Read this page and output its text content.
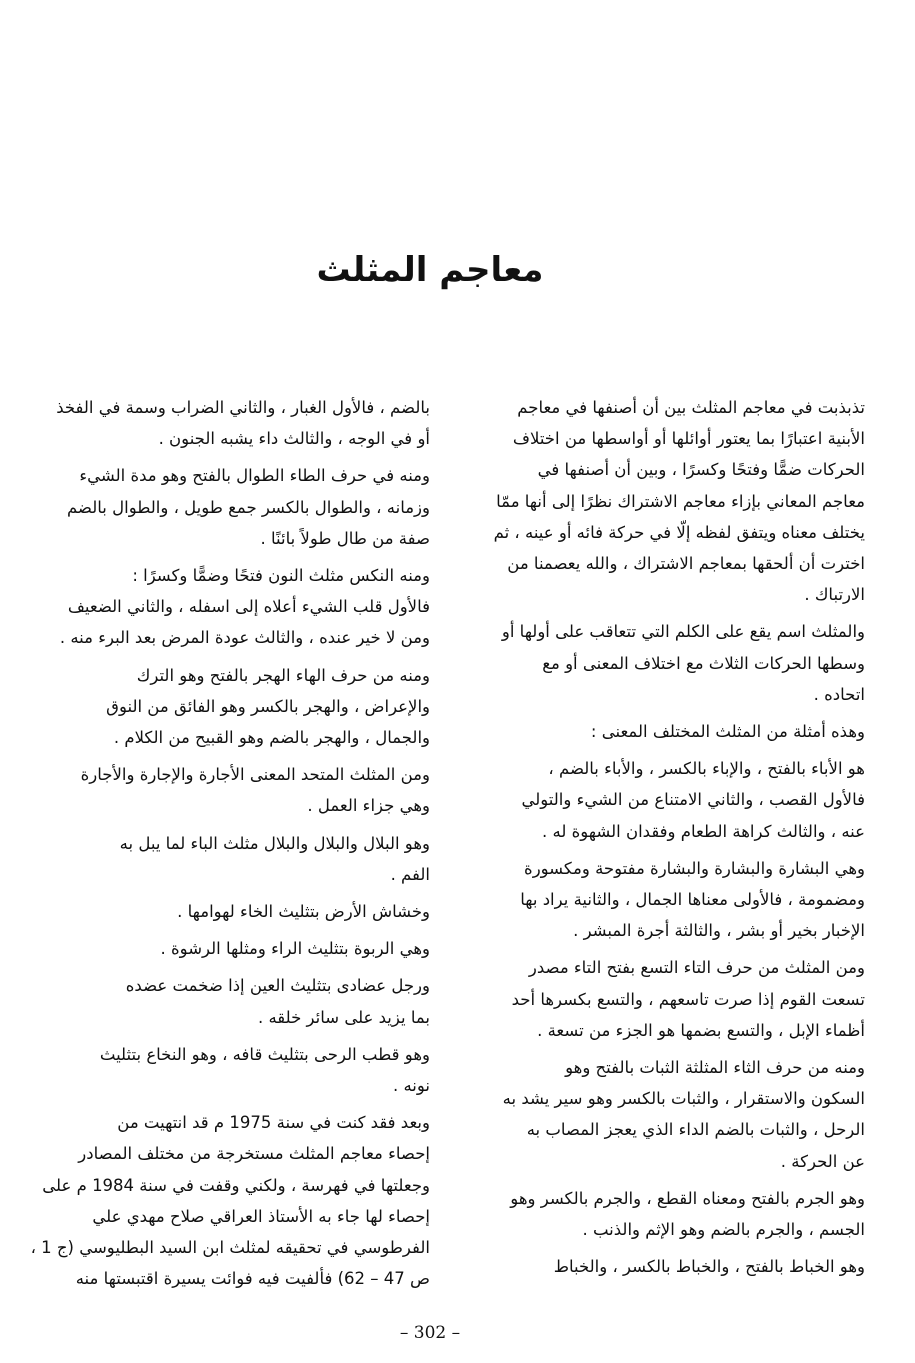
معاجم المثلث
تذبذبت في معاجم المثلث بين أن أصنفها في معاجم
الأبنية اعتبارًا بما يعتور أوائلها أو أواسطها من اختلاف
الحركات ضمًّا وفتحًا وكسرًا ، وبين أن أصنفها في
معاجم المعاني بإزاء معاجم الاشتراك نظرًا إلى أنها ممّا
يختلف معناه ويتفق لفظه إلّا في حركة فائه أو عينه ، ثم
اخترت أن ألحقها بمعاجم الاشتراك ، والله يعصمنا من
الارتباك .
والمثلث اسم يقع على الكلم التي تتعاقب على أولها أو
وسطها الحركات الثلاث مع اختلاف المعنى أو مع
اتحاده .
وهذه أمثلة من المثلث المختلف المعنى :
هو الأباء بالفتح ، والإباء بالكسر ، والأباء بالضم ،
فالأول القصب ، والثاني الامتناع من الشيء والتولي
عنه ، والثالث كراهة الطعام وفقدان الشهوة له .
وهي البشارة والبشارة والبشارة مفتوحة ومكسورة
ومضمومة ، فالأولى معناها الجمال ، والثانية يراد بها
الإخبار بخير أو بشر ، والثالثة أجرة المبشر .
ومن المثلث من حرف التاء التسع بفتح التاء مصدر
تسعت القوم إذا صرت تاسعهم ، والتسع بكسرها أحد
أظماء الإبل ، والتسع بضمها هو الجزء من تسعة .
ومنه من حرف الثاء المثلثة الثبات بالفتح وهو
السكون والاستقرار ، والثبات بالكسر وهو سير يشد به
الرحل ، والثبات بالضم الداء الذي يعجز المصاب به
عن الحركة .
وهو الجرم بالفتح ومعناه القطع ، والجرم بالكسر وهو
الجسم ، والجرم بالضم وهو الإثم والذنب .
وهو الخباط بالفتح ، والخباط بالكسر ، والخباط
بالضم ، فالأول الغبار ، والثاني الضراب وسمة في الفخذ
أو في الوجه ، والثالث داء يشبه الجنون .
ومنه في حرف الطاء الطوال بالفتح وهو مدة الشيء
وزمانه ، والطوال بالكسر جمع طويل ، والطوال بالضم
صفة من طال طولاً بائنًا .
ومنه النكس مثلث النون فتحًا وضمًّا وكسرًا :
فالأول قلب الشيء أعلاه إلى اسفله ، والثاني الضعيف
ومن لا خير عنده ، والثالث عودة المرض بعد البرء منه .
ومنه من حرف الهاء الهجر بالفتح وهو الترك
والإعراض ، والهجر بالكسر وهو الفائق من النوق
والجمال ، والهجر بالضم وهو القبيح من الكلام .
ومن المثلث المتحد المعنى الأجارة والإجارة والأجارة
وهي جزاء العمل .
وهو البلال والبلال والبلال مثلث الباء لما يبل به
الفم .
وخشاش الأرض بتثليث الخاء لهوامها .
وهي الربوة بتثليث الراء ومثلها الرشوة .
ورجل عضادى بتثليث العين إذا ضخمت عضده
بما يزيد على سائر خلقه .
وهو قطب الرحى بتثليث قافه ، وهو النخاع بتثليث
نونه .
وبعد فقد كنت في سنة 1975 م قد انتهيت من
إحصاء معاجم المثلث مستخرجة من مختلف المصادر
وجعلتها في فهرسة ، ولكني وقفت في سنة 1984 م على
إحصاء لها جاء به الأستاذ العراقي صلاح مهدي علي
الفرطوسي في تحقيقه لمثلث ابن السيد البطليوسي (ج 1 ،
ص 47 – 62) فألفيت فيه فوائت يسيرة اقتبستها منه
– 302 –
